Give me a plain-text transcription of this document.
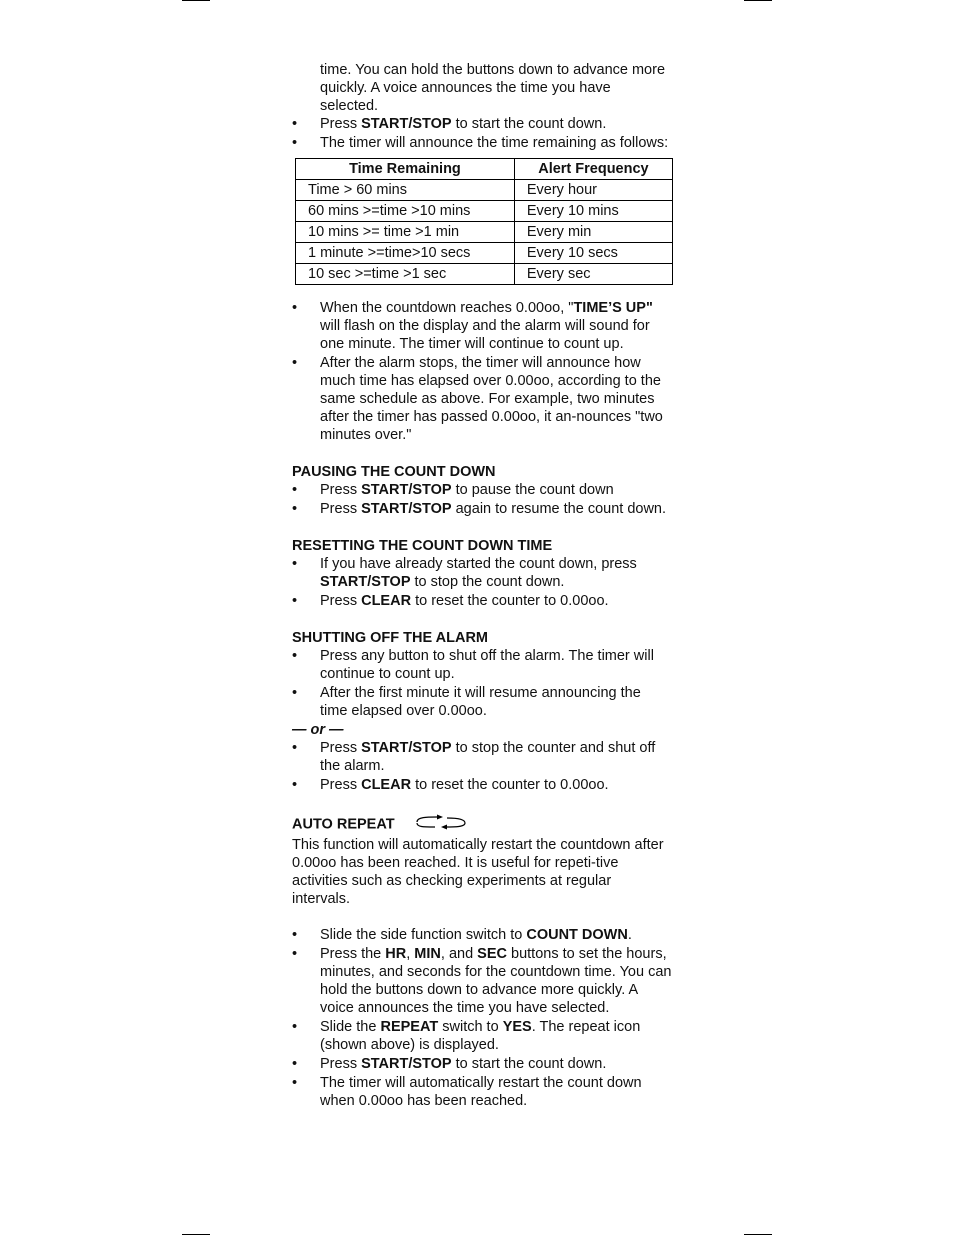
time. You can hold the buttons down to advance more quickly. A voice announces the time you have selected.
• Press START/STOP to start the count down.
• The timer will announce the time remaining as follows:
Time Remaining	Alert Frequency
Time > 60 mins	Every hour
60 mins >=time >10 mins	Every 10 mins
10 mins >= time >1 min	Every min
1 minute >=time>10 secs	Every 10 secs
10 sec >=time >1 sec	Every sec
• When the countdown reaches 0.00oo, "TIME’S UP" will flash on the display and the alarm will sound for one minute. The timer will continue to count up.
• After the alarm stops, the timer will announce how much time has elapsed over 0.00oo, according to the same schedule as above. For example, two minutes after the timer has passed 0.00oo, it an-nounces "two minutes over."
PAUSING THE COUNT DOWN
• Press START/STOP to pause the count down
• Press START/STOP again to resume the count down.
RESETTING THE COUNT DOWN TIME
• If you have already started the count down, press START/STOP to stop the count down.
• Press CLEAR to reset the counter to 0.00oo.
SHUTTING OFF THE ALARM
• Press any button to shut off the alarm. The timer will continue to count up.
• After the first minute it will resume announcing the time elapsed over 0.00oo.
— or —
• Press START/STOP to stop the counter and shut off the alarm.
• Press CLEAR to reset the counter to 0.00oo.
AUTO REPEAT
This function will automatically restart the countdown after 0.00oo has been reached. It is useful for repeti-tive activities such as checking experiments at regular intervals.
• Slide the side function switch to COUNT DOWN.
• Press the HR, MIN, and SEC buttons to set the hours, minutes, and seconds for the countdown time. You can hold the buttons down to advance more quickly. A voice announces the time you have selected.
• Slide the REPEAT switch to YES. The repeat icon (shown above) is displayed.
• Press START/STOP to start the count down.
• The timer will automatically restart the count down when 0.00oo has been reached.
